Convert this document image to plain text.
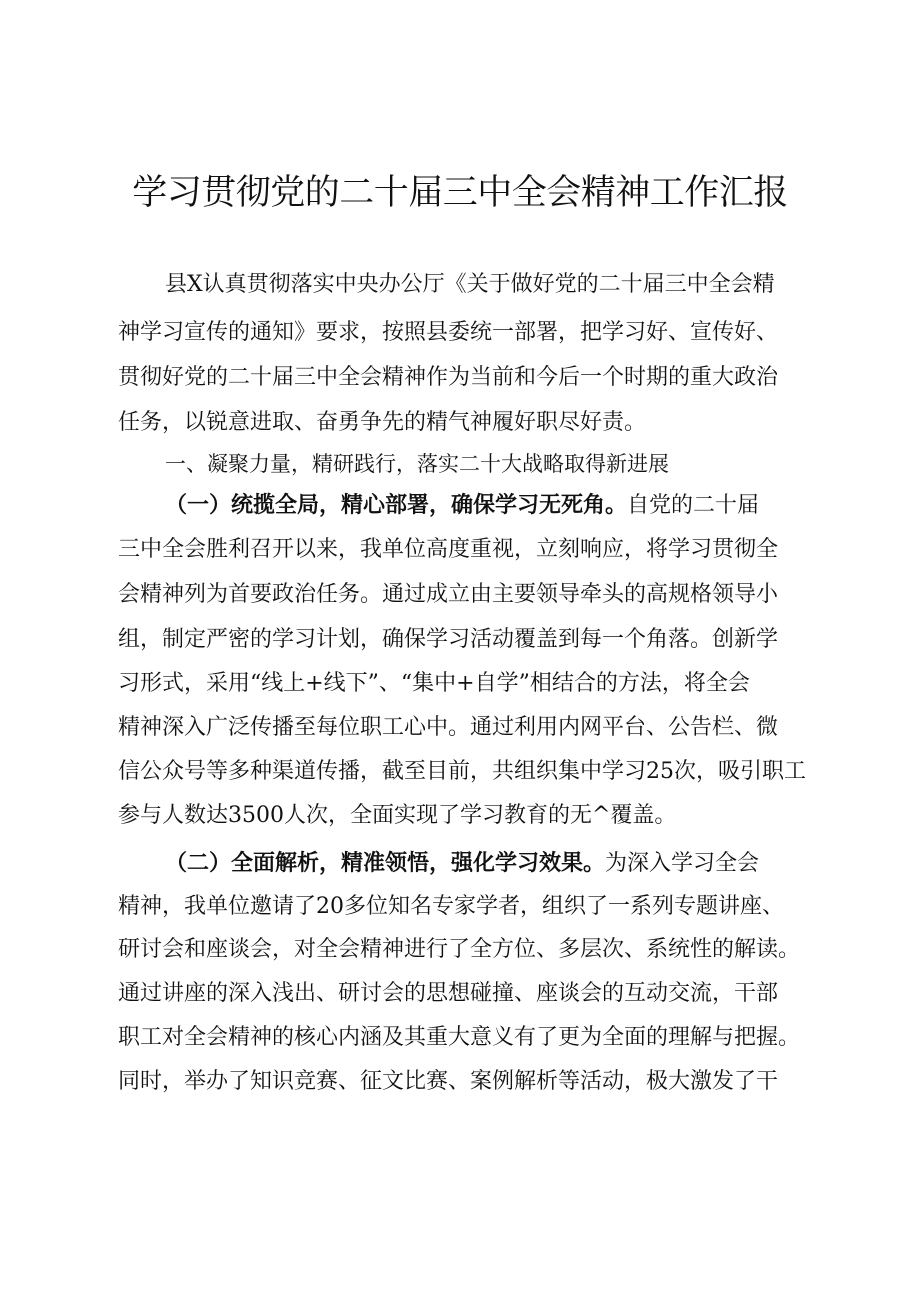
学习贯彻党的二十届三中全会精神工作汇报

县X认真贯彻落实中央办公厅《关于做好党的二十届三中全会精

神学习宣传的通知》要求，按照县委统一部署，把学习好、宣传好、

贯彻好党的二十届三中全会精神作为当前和今后一个时期的重大政治

任务，以锐意进取、奋勇争先的精气神履好职尽好责。

一、凝聚力量，精研践行，落实二十大战略取得新进展

（一）统揽全局，精心部署，确保学习无死角。自党的二十届

三中全会胜利召开以来，我单位高度重视，立刻响应，将学习贯彻全

会精神列为首要政治任务。通过成立由主要领导牵头的高规格领导小

组，制定严密的学习计划，确保学习活动覆盖到每一个角落。创新学

习形式，采用“线上+线下”、“集中+自学”相结合的方法，将全会

精神深入广泛传播至每位职工心中。通过利用内网平台、公告栏、微

信公众号等多种渠道传播，截至目前，共组织集中学习25次，吸引职工

参与人数达3500人次，全面实现了学习教育的无^覆盖。

（二）全面解析，精准领悟，强化学习效果。为深入学习全会

精神，我单位邀请了20多位知名专家学者，组织了一系列专题讲座、

研讨会和座谈会，对全会精神进行了全方位、多层次、系统性的解读。

通过讲座的深入浅出、研讨会的思想碰撞、座谈会的互动交流，干部

职工对全会精神的核心内涵及其重大意义有了更为全面的理解与把握。

同时，举办了知识竞赛、征文比赛、案例解析等活动，极大激发了干
